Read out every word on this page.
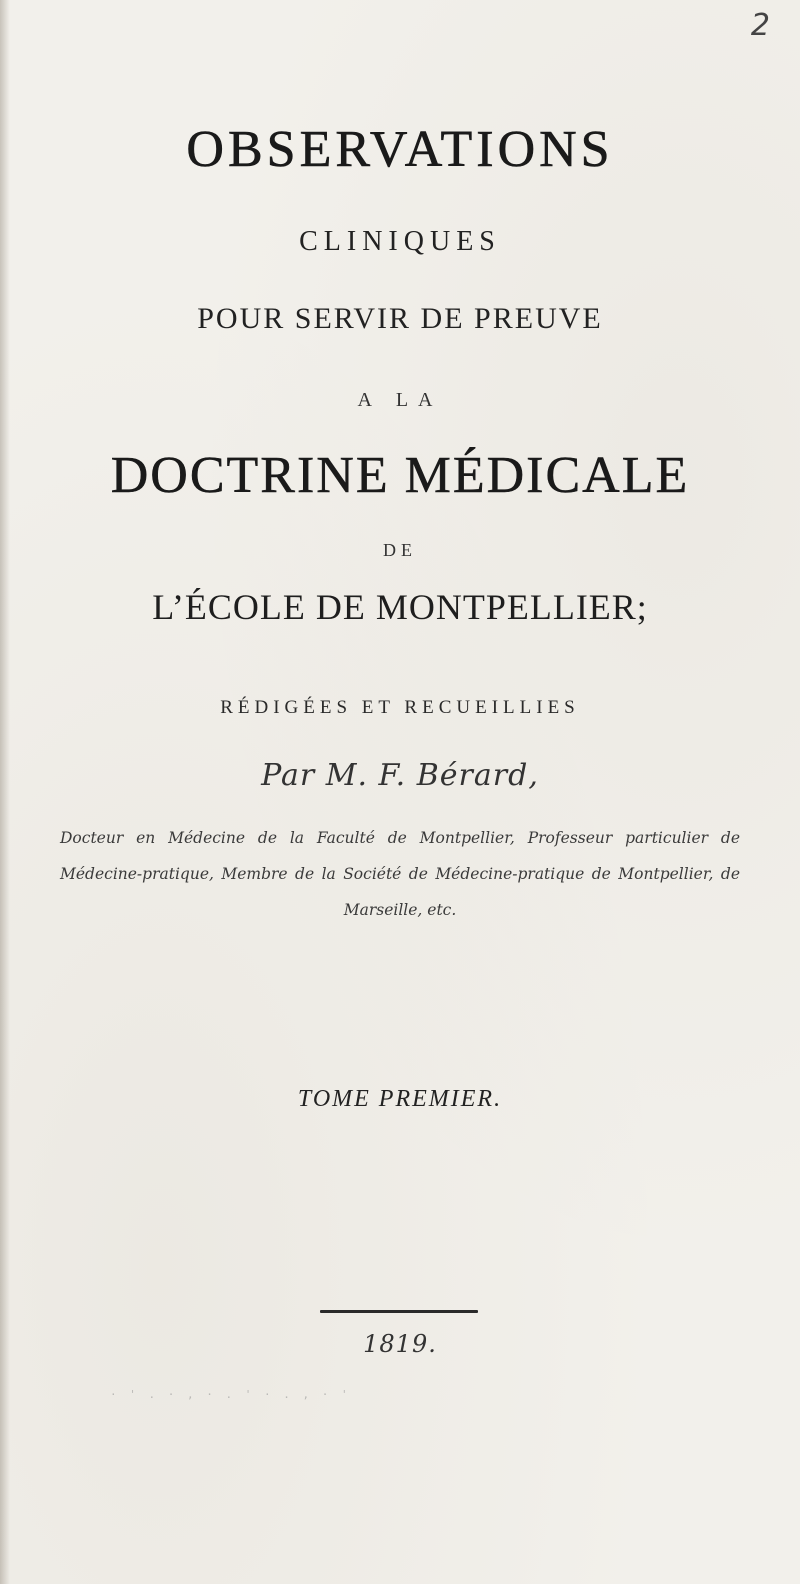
2
OBSERVATIONS
CLINIQUES
POUR SERVIR DE PREUVE
A LA
DOCTRINE MÉDICALE
DE
L’ÉCOLE DE MONTPELLIER;
RÉDIGÉES ET RECUEILLIES
Par M. F. Bérard,
Docteur en Médecine de la Faculté de Montpellier, Professeur particulier de Médecine-pratique, Membre de la Société de Médecine-pratique de Montpellier, de Marseille, etc.
TOME PREMIER.
1819.
· ' . · ‚ · . ' · . ‚ · '
